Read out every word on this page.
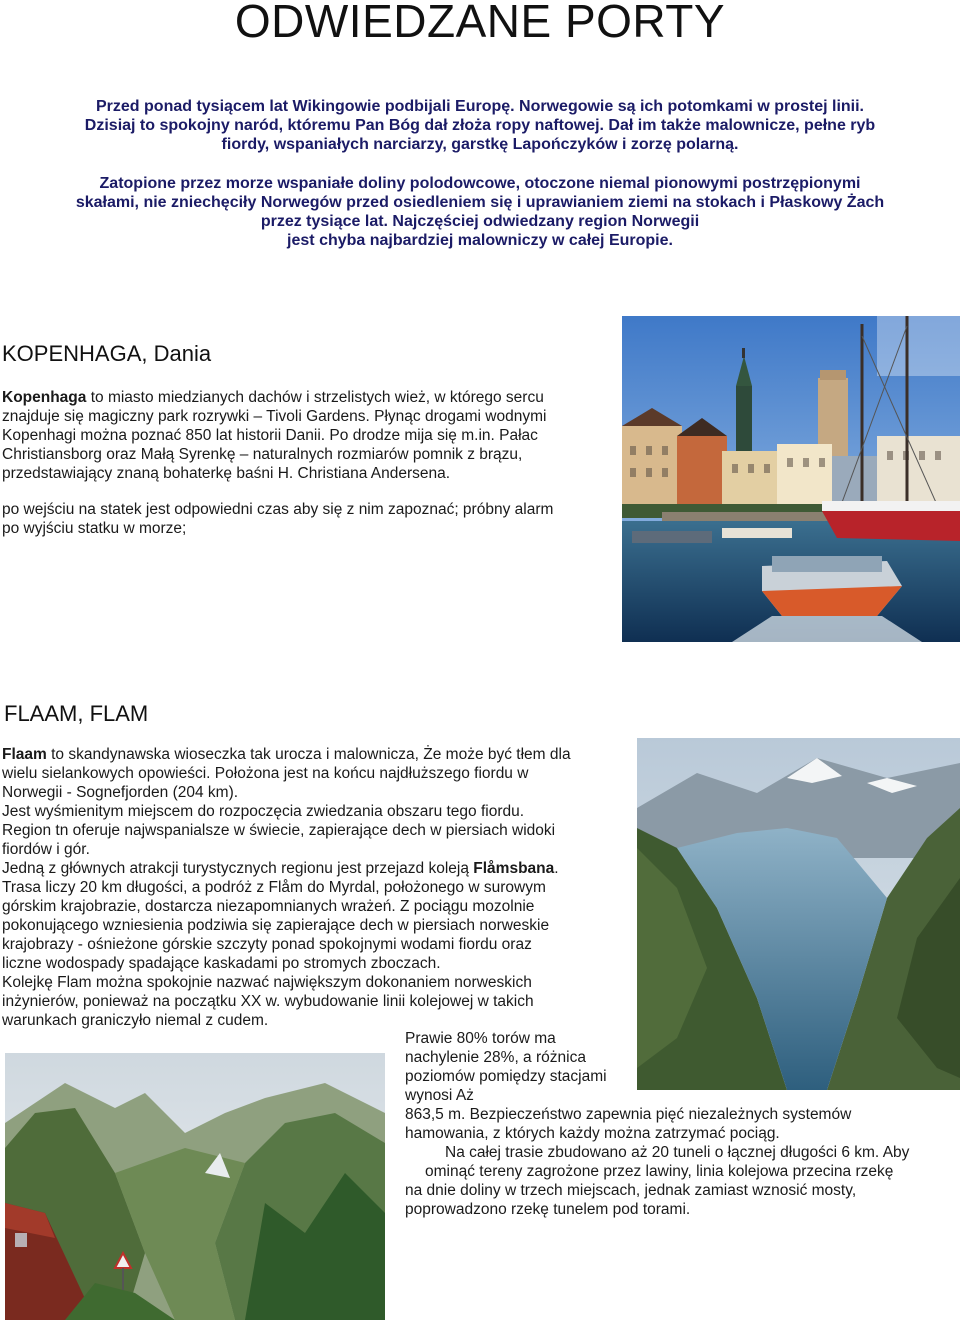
ODWIEDZANE PORTY
Przed ponad tysiącem lat Wikingowie podbijali Europę. Norwegowie są ich potomkami w prostej linii.
Dzisiaj to spokojny naród, któremu Pan Bóg dał złoża ropy naftowej. Dał im także malownicze, pełne ryb
fiordy, wspaniałych narciarzy, garstkę Lapończyków i zorzę polarną.
Zatopione przez morze wspaniałe doliny polodowcowe, otoczone niemal pionowymi postrzępionymi
skałami, nie zniechęciły Norwegów przed osiedleniem się i uprawianiem ziemi na stokach i Płaskowy Żach
przez tysiące lat. Najczęściej odwiedzany region Norwegii
jest chyba najbardziej malowniczy w całej Europie.
KOPENHAGA, Dania
Kopenhaga to miasto miedzianych dachów i strzelistych wież, w którego sercu
znajduje się magiczny park rozrywki – Tivoli Gardens. Płynąc drogami wodnymi
Kopenhagi można poznać 850 lat historii Danii. Po drodze mija się m.in. Pałac
Christiansborg oraz Małą Syrenkę – naturalnych rozmiarów pomnik z brązu,
przedstawiający znaną bohaterkę baśni H. Christiana Andersena.
po wejściu na statek jest odpowiedni czas aby się z nim zapoznać; próbny alarm
po wyjściu statku w morze;
FLAAM, FLAM
Flaam to skandynawska wioseczka tak urocza i malownicza, Że może być tłem dla
wielu sielankowych opowieści. Położona jest na końcu najdłuższego fiordu w
Norwegii - Sognefjorden (204 km).
Jest wyśmienitym miejscem do rozpoczęcia zwiedzania obszaru tego fiordu.
Region tn oferuje najwspanialsze w świecie, zapierające dech w piersiach widoki
fiordów i gór.
Jedną z głównych atrakcji turystycznych regionu jest przejazd koleją Flåmsbana.
Trasa liczy 20 km długości, a podróż z Flåm do Myrdal, położonego w surowym
górskim krajobrazie, dostarcza niezapomnianych wrażeń. Z pociągu mozolnie
pokonującego wzniesienia podziwia się zapierające dech w piersiach norweskie
krajobrazy - ośnieżone górskie szczyty ponad spokojnymi wodami fiordu oraz
liczne wodospady spadające kaskadami po stromych zboczach.
Kolejkę Flam można spokojnie nazwać największym dokonaniem norweskich
inżynierów, ponieważ na początku XX w. wybudowanie linii kolejowej w takich
warunkach graniczyło niemal z cudem.
Prawie 80% torów ma
nachylenie 28%, a różnica
poziomów pomiędzy stacjami
wynosi Aż
863,5 m. Bezpieczeństwo zapewnia pięć niezależnych systemów
hamowania, z których każdy można zatrzymać pociąg.
Na całej trasie zbudowano aż 20 tuneli o łącznej długości 6 km. Aby
ominąć tereny zagrożone przez lawiny, linia kolejowa przecina rzekę
na dnie doliny w trzech miejscach, jednak zamiast wznosić mosty,
poprowadzono rzekę tunelem pod torami.
